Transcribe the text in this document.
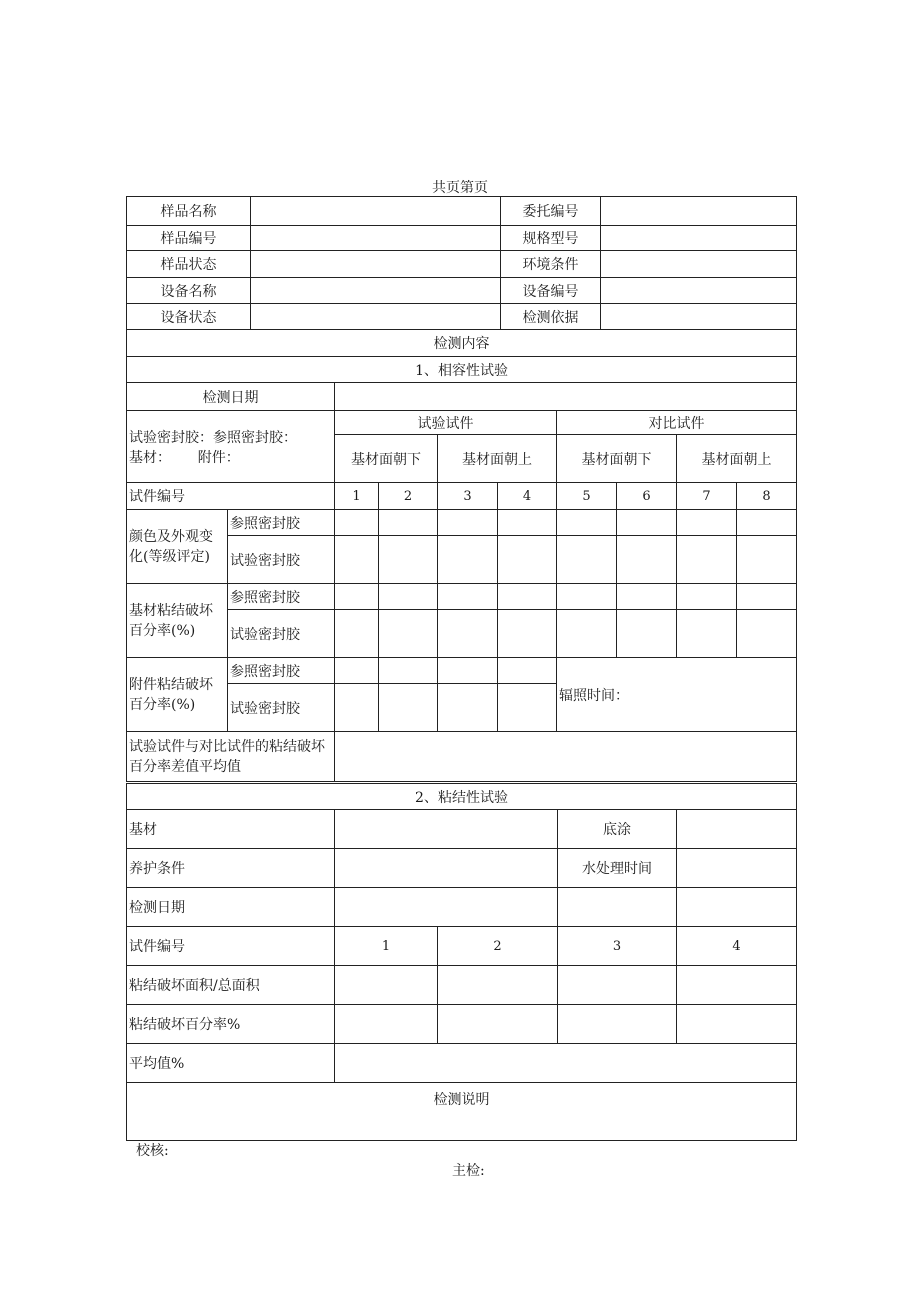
共页第页
样品名称		委托编号	
样品编号		规格型号	
样品状态		环境条件	
设备名称		设备编号	
设备状态		检测依据	
检测内容									
1、相容性试验									
检测日期									

试验密封胶：参照密封胶：
基材：      附件：		试验试件				对比试件			
		基材面朝下		基材面朝上		基材面朝下		基材面朝上	
试件编号		1	2	3	4	5	6	7	8
颜色及外观变化(等级评定)	参照密封胶								
	试验密封胶								
基材粘结破坏百分率(%)	参照密封胶								
	试验密封胶								
附件粘结破坏百分率(%)	参照密封胶					辐照时间：			
	试验密封胶								
试验试件与对比试件的粘结破坏百分率差值平均值									
2、粘结性试验				
基材			底涂	
养护条件			水处理时间	
检测日期				
试件编号	1	2	3	4
粘结破坏面积/总面积				
粘结破坏百分率%				
平均值%				
检测说明				
校核:
主检:
